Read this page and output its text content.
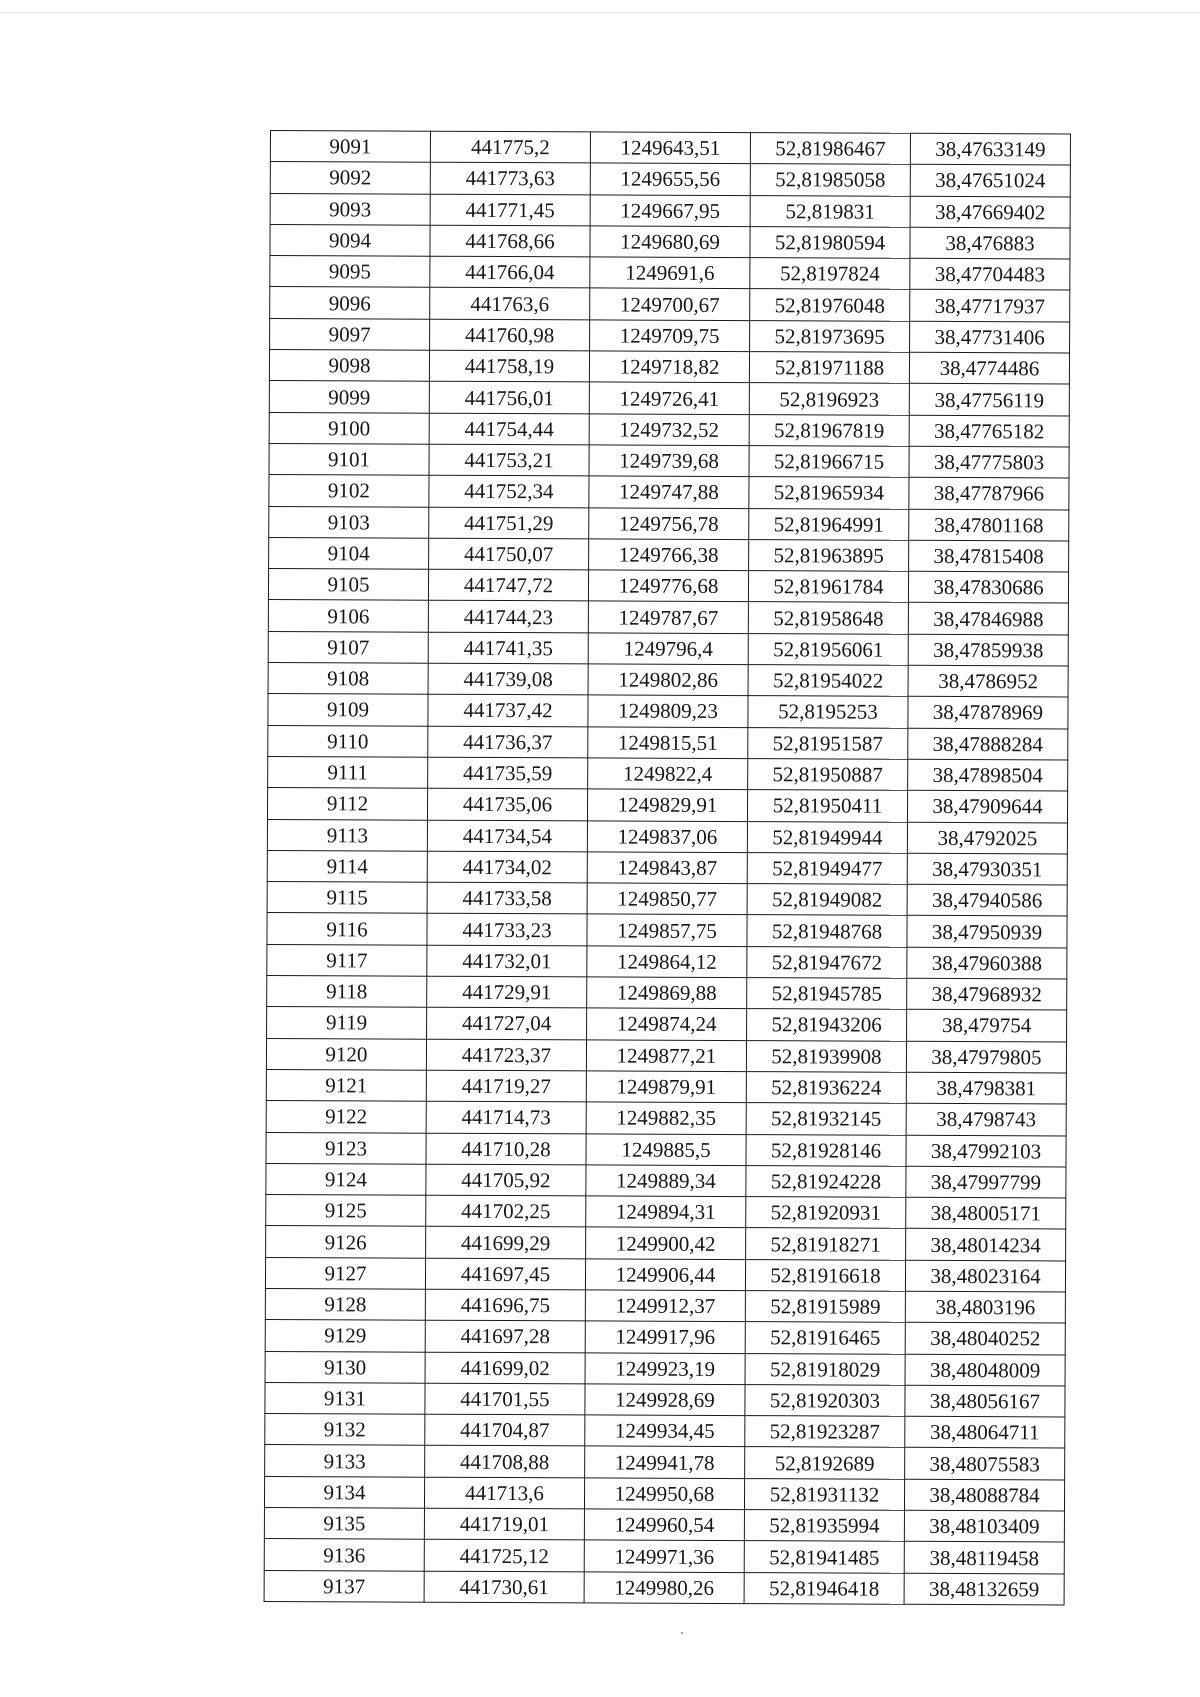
9091	441775,2	1249643,51	52,81986467	38,47633149
9092	441773,63	1249655,56	52,81985058	38,47651024
9093	441771,45	1249667,95	52,819831	38,47669402
9094	441768,66	1249680,69	52,81980594	38,476883
9095	441766,04	1249691,6	52,8197824	38,47704483
9096	441763,6	1249700,67	52,81976048	38,47717937
9097	441760,98	1249709,75	52,81973695	38,47731406
9098	441758,19	1249718,82	52,81971188	38,4774486
9099	441756,01	1249726,41	52,8196923	38,47756119
9100	441754,44	1249732,52	52,81967819	38,47765182
9101	441753,21	1249739,68	52,81966715	38,47775803
9102	441752,34	1249747,88	52,81965934	38,47787966
9103	441751,29	1249756,78	52,81964991	38,47801168
9104	441750,07	1249766,38	52,81963895	38,47815408
9105	441747,72	1249776,68	52,81961784	38,47830686
9106	441744,23	1249787,67	52,81958648	38,47846988
9107	441741,35	1249796,4	52,81956061	38,47859938
9108	441739,08	1249802,86	52,81954022	38,4786952
9109	441737,42	1249809,23	52,8195253	38,47878969
9110	441736,37	1249815,51	52,81951587	38,47888284
9111	441735,59	1249822,4	52,81950887	38,47898504
9112	441735,06	1249829,91	52,81950411	38,47909644
9113	441734,54	1249837,06	52,81949944	38,4792025
9114	441734,02	1249843,87	52,81949477	38,47930351
9115	441733,58	1249850,77	52,81949082	38,47940586
9116	441733,23	1249857,75	52,81948768	38,47950939
9117	441732,01	1249864,12	52,81947672	38,47960388
9118	441729,91	1249869,88	52,81945785	38,47968932
9119	441727,04	1249874,24	52,81943206	38,479754
9120	441723,37	1249877,21	52,81939908	38,47979805
9121	441719,27	1249879,91	52,81936224	38,4798381
9122	441714,73	1249882,35	52,81932145	38,4798743
9123	441710,28	1249885,5	52,81928146	38,47992103
9124	441705,92	1249889,34	52,81924228	38,47997799
9125	441702,25	1249894,31	52,81920931	38,48005171
9126	441699,29	1249900,42	52,81918271	38,48014234
9127	441697,45	1249906,44	52,81916618	38,48023164
9128	441696,75	1249912,37	52,81915989	38,4803196
9129	441697,28	1249917,96	52,81916465	38,48040252
9130	441699,02	1249923,19	52,81918029	38,48048009
9131	441701,55	1249928,69	52,81920303	38,48056167
9132	441704,87	1249934,45	52,81923287	38,48064711
9133	441708,88	1249941,78	52,8192689	38,48075583
9134	441713,6	1249950,68	52,81931132	38,48088784
9135	441719,01	1249960,54	52,81935994	38,48103409
9136	441725,12	1249971,36	52,81941485	38,48119458
9137	441730,61	1249980,26	52,81946418	38,48132659
